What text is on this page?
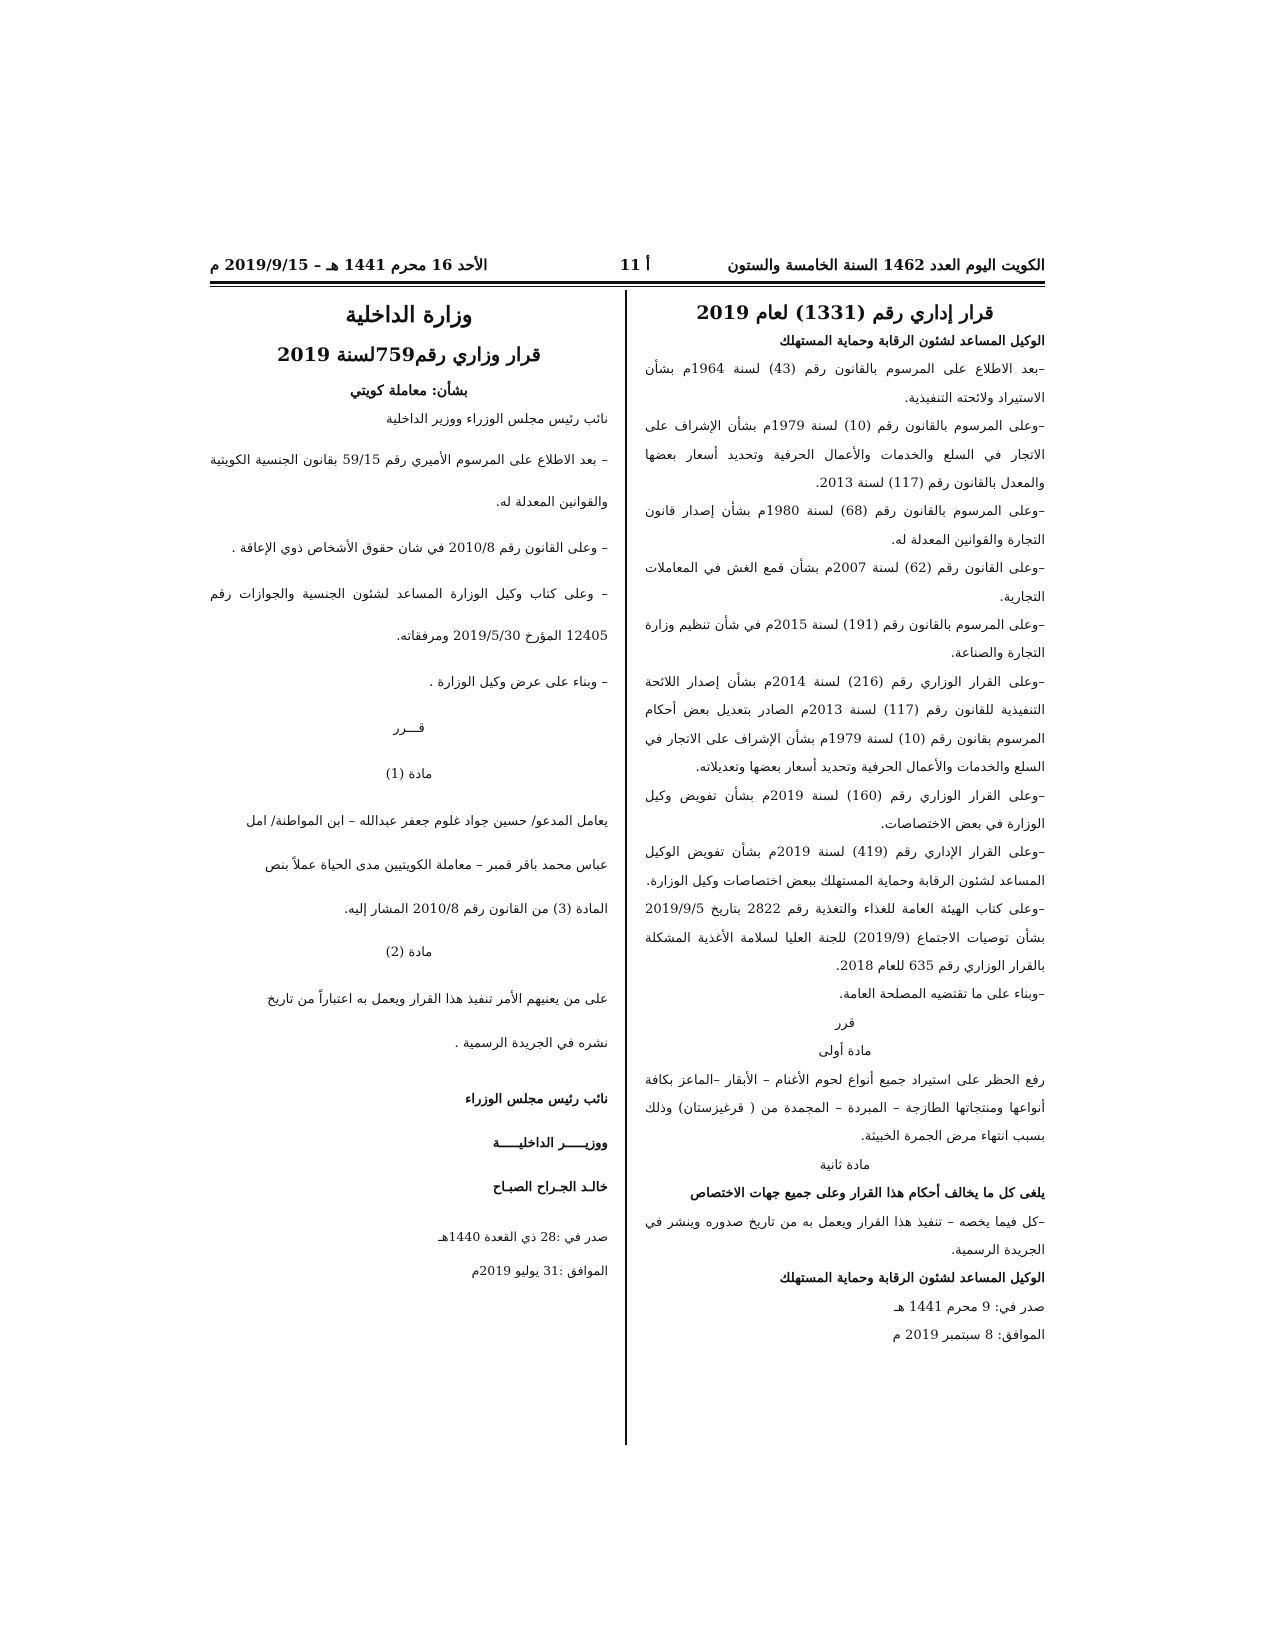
الكويت اليوم العدد 1462 السنة الخامسة والستون
أ 11
الأحد 16 محرم 1441 هـ – 2019/9/15 م
قرار إداري رقم (1331) لعام 2019

الوكيل المساعد لشئون الرقابة وحماية المستهلك

–بعد الاطلاع على المرسوم بالقانون رقم (43) لسنة 1964م بشأن الاستيراد ولائحته التنفيذية.

–وعلى المرسوم بالقانون رقم (10) لسنة 1979م بشأن الإشراف على الاتجار في السلع والخدمات والأعمال الحرفية وتحديد أسعار بعضها والمعدل بالقانون رقم (117) لسنة 2013.

–وعلى المرسوم بالقانون رقم (68) لسنة 1980م بشأن إصدار قانون التجارة والقوانين المعدلة له.

–وعلى القانون رقم (62) لسنة 2007م بشأن قمع الغش في المعاملات التجارية.

–وعلى المرسوم بالقانون رقم (191) لسنة 2015م في شأن تنظيم وزارة التجارة والصناعة.

–وعلى القرار الوزاري رقم (216) لسنة 2014م بشأن إصدار اللائحة التنفيذية للقانون رقم (117) لسنة 2013م الصادر بتعديل بعض أحكام المرسوم بقانون رقم (10) لسنة 1979م بشأن الإشراف على الاتجار في السلع والخدمات والأعمال الحرفية وتحديد أسعار بعضها وتعديلاته.

–وعلى القرار الوزاري رقم (160) لسنة 2019م بشأن تفويض وكيل الوزارة في بعض الاختصاصات.

–وعلى القرار الإداري رقم (419) لسنة 2019م بشأن تفويض الوكيل المساعد لشئون الرقابة وحماية المستهلك ببعض اختصاصات وكيل الوزارة.

–وعلى كتاب الهيئة العامة للغذاء والتغذية رقم 2822 بتاريخ 2019/9/5 بشأن توصيات الاجتماع (2019/9) للجنة العليا لسلامة الأغذية المشكلة بالقرار الوزاري رقم 635 للعام 2018.

–وبناء على ما تقتضيه المصلحة العامة.

قرر

مادة أولى

رفع الحظر على استيراد جميع أنواع لحوم الأغنام – الأبقار –الماعز بكافة أنواعها ومنتجاتها الطازجة – المبردة – المجمدة من ( قرغيزستان) وذلك بسبب انتهاء مرض الجمرة الخبيثة.

مادة ثانية

يلغى كل ما يخالف أحكام هذا القرار وعلى جميع جهات الاختصاص

–كل فيما يخصه – تنفيذ هذا القرار ويعمل به من تاريخ صدوره وينشر في الجريدة الرسمية.

الوكيل المساعد لشئون الرقابة وحماية المستهلك

صدر في: 9 محرم 1441 هـ

الموافق: 8 سبتمبر 2019 م

وزارة الداخلية
قرار وزاري رقم759لسنة 2019
بشأن: معاملة كويتي

نائب رئيس مجلس الوزراء ووزير الداخلية

– بعد الاطلاع على المرسوم الأميري رقم 59/15 بقانون الجنسية الكويتية والقوانين المعدلة له.

– وعلى القانون رقم 2010/8 في شان حقوق الأشخاص ذوي الإعاقة .

– وعلى كتاب وكيل الوزارة المساعد لشئون الجنسية والجوازات رقم 12405 المؤرخ 2019/5/30 ومرفقاته.

– وبناء على عرض وكيل الوزارة .

قـــرر

مادة (1)

يعامل المدعو/ حسين جواد غلوم جعفر عبدالله – ابن المواطنة/ امل

عباس محمد باقر قمبر – معاملة الكويتيين مدى الحياة عملاً بنص

المادة (3) من القانون رقم 2010/8 المشار إليه.

مادة (2)

على من يعنيهم الأمر تنفيذ هذا القرار ويعمل به اعتباراً من تاريخ

نشره في الجريدة الرسمية .

نائب رئيس مجلس الوزراء

ووزيـــــر الداخليـــــة

خالـد الجـراح الصبـاح

صدر في :28 ذي القعدة 1440هـ

الموافق :31 يوليو 2019م
